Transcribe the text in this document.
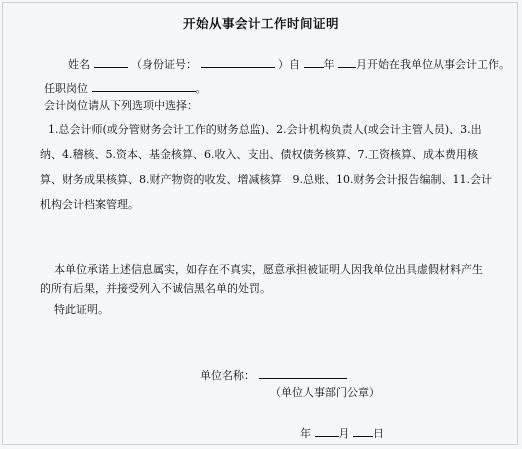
开始从事会计工作时间证明
姓名	（身份证号：	）自 年 月开始在我单位从事会计工作。
任职岗位	。
会计岗位请从下列选项中选择：
1.总会计师(或分管财务会计工作的财务总监)、2.会计机构负责人(或会计主管人员)、3.出纳、4.稽核、5.资本、基金核算、6.收入、支出、债权债务核算、7.工资核算、成本费用核算、财务成果核算、8.财产物资的收发、增减核算　9.总账、10.财务会计报告编制、11.会计机构会计档案管理。
本单位承诺上述信息属实，如存在不真实，愿意承担被证明人因我单位出具虚假材料产生的所有后果，并接受列入不诚信黑名单的处罚。
特此证明。
单位名称：
（单位人事部门公章）
年	月 日
